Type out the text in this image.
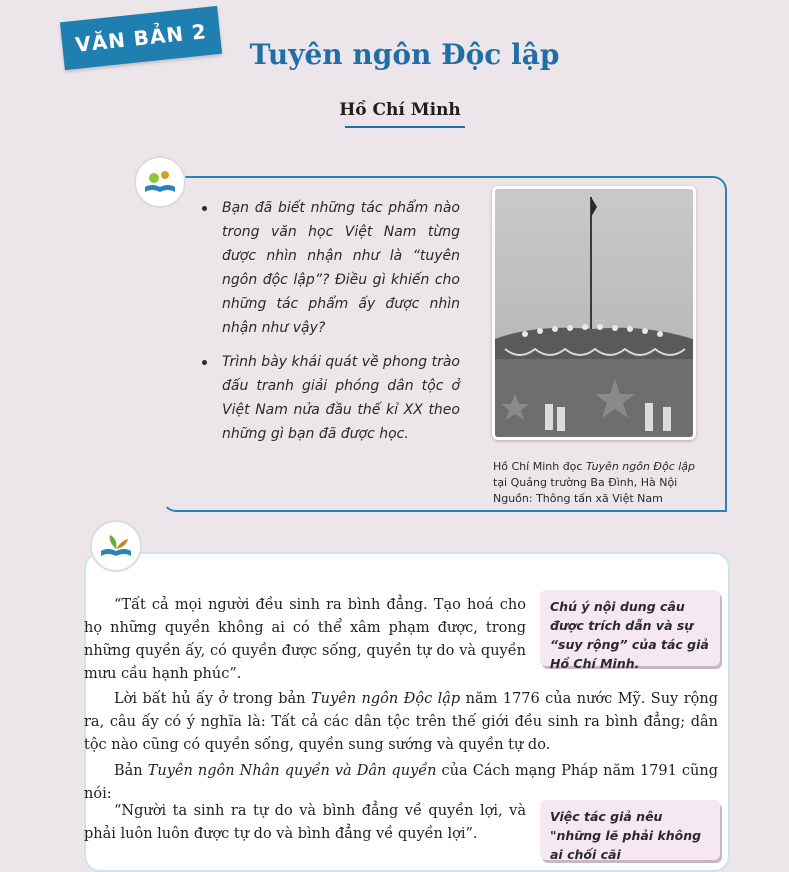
VĂN BẢN 2	Tuyên ngôn Độc lập
Hồ Chí Minh
Bạn đã biết những tác phẩm nào trong văn học Việt Nam từng được nhìn nhận như là “tuyên ngôn độc lập”? Điều gì khiến cho những tác phẩm ấy được nhìn nhận như vậy?
Trình bày khái quát về phong trào đấu tranh giải phóng dân tộc ở Việt Nam nửa đầu thế kỉ XX theo những gì bạn đã được học.
Hồ Chí Minh đọc Tuyên ngôn Độc lập
tại Quảng trường Ba Đình, Hà Nội
Nguồn: Thông tấn xã Việt Nam

“Tất cả mọi người đều sinh ra bình đẳng. Tạo hoá cho họ những quyền không ai có thể xâm phạm được, trong những quyền ấy, có quyền được sống, quyền tự do và quyền mưu cầu hạnh phúc”.

Lời bất hủ ấy ở trong bản Tuyên ngôn Độc lập năm 1776 của nước Mỹ. Suy rộng ra, câu ấy có ý nghĩa là: Tất cả các dân tộc trên thế giới đều sinh ra bình đẳng; dân tộc nào cũng có quyền sống, quyền sung sướng và quyền tự do.

Bản Tuyên ngôn Nhân quyền và Dân quyền của Cách mạng Pháp năm 1791 cũng nói:

“Người ta sinh ra tự do và bình đẳng về quyền lợi, và phải luôn luôn được tự do và bình đẳng về quyền lợi”.

Chú ý nội dung câu được trích dẫn và sự “suy rộng” của tác giả Hồ Chí Minh.
Việc tác giả nêu "những lẽ phải không ai chối cãi
